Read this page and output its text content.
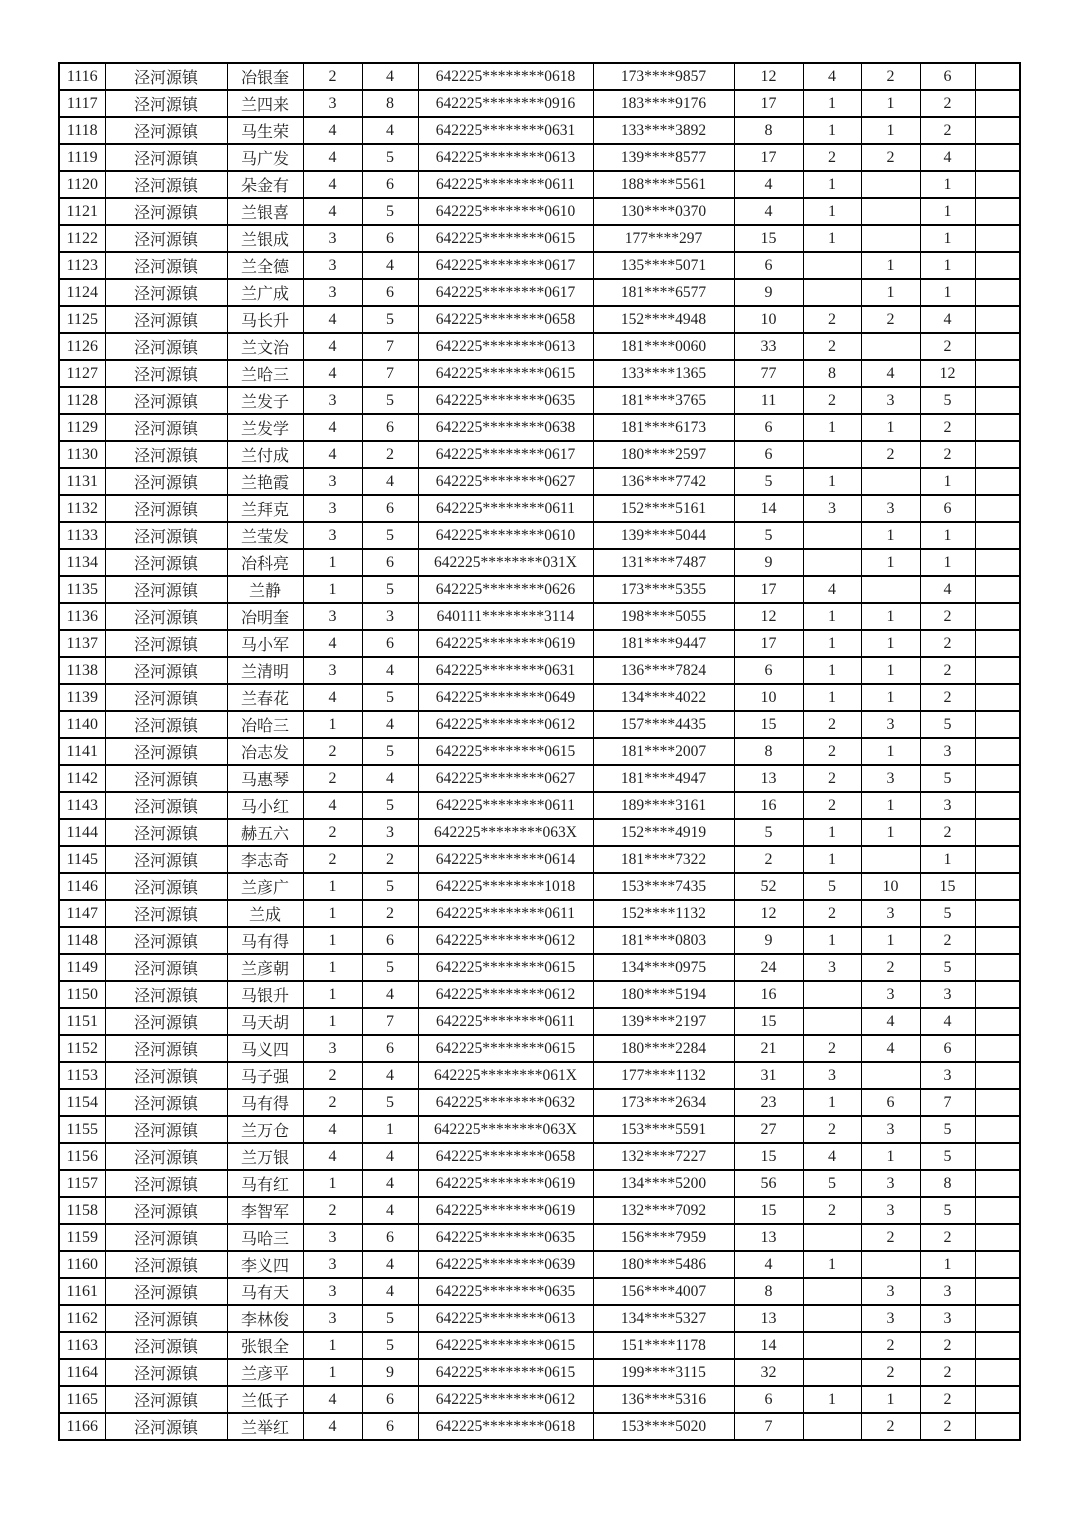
1116	泾河源镇	冶银奎	2	4	642225********0618	173****9857	12	4	2	6	
1117	泾河源镇	兰四来	3	8	642225********0916	183****9176	17	1	1	2	
1118	泾河源镇	马生荣	4	4	642225********0631	133****3892	8	1	1	2	
1119	泾河源镇	马广发	4	5	642225********0613	139****8577	17	2	2	4	
1120	泾河源镇	朵金有	4	6	642225********0611	188****5561	4	1		1	
1121	泾河源镇	兰银喜	4	5	642225********0610	130****0370	4	1		1	
1122	泾河源镇	兰银成	3	6	642225********0615	177****297	15	1		1	
1123	泾河源镇	兰全德	3	4	642225********0617	135****5071	6		1	1	
1124	泾河源镇	兰广成	3	6	642225********0617	181****6577	9		1	1	
1125	泾河源镇	马长升	4	5	642225********0658	152****4948	10	2	2	4	
1126	泾河源镇	兰文治	4	7	642225********0613	181****0060	33	2		2	
1127	泾河源镇	兰哈三	4	7	642225********0615	133****1365	77	8	4	12	
1128	泾河源镇	兰发子	3	5	642225********0635	181****3765	11	2	3	5	
1129	泾河源镇	兰发学	4	6	642225********0638	181****6173	6	1	1	2	
1130	泾河源镇	兰付成	4	2	642225********0617	180****2597	6		2	2	
1131	泾河源镇	兰艳霞	3	4	642225********0627	136****7742	5	1		1	
1132	泾河源镇	兰拜克	3	6	642225********0611	152****5161	14	3	3	6	
1133	泾河源镇	兰莹发	3	5	642225********0610	139****5044	5		1	1	
1134	泾河源镇	冶科亮	1	6	642225********031X	131****7487	9		1	1	
1135	泾河源镇	兰静	1	5	642225********0626	173****5355	17	4		4	
1136	泾河源镇	冶明奎	3	3	640111********3114	198****5055	12	1	1	2	
1137	泾河源镇	马小军	4	6	642225********0619	181****9447	17	1	1	2	
1138	泾河源镇	兰清明	3	4	642225********0631	136****7824	6	1	1	2	
1139	泾河源镇	兰春花	4	5	642225********0649	134****4022	10	1	1	2	
1140	泾河源镇	冶哈三	1	4	642225********0612	157****4435	15	2	3	5	
1141	泾河源镇	冶志发	2	5	642225********0615	181****2007	8	2	1	3	
1142	泾河源镇	马惠琴	2	4	642225********0627	181****4947	13	2	3	5	
1143	泾河源镇	马小红	4	5	642225********0611	189****3161	16	2	1	3	
1144	泾河源镇	赫五六	2	3	642225********063X	152****4919	5	1	1	2	
1145	泾河源镇	李志奇	2	2	642225********0614	181****7322	2	1		1	
1146	泾河源镇	兰彦广	1	5	642225********1018	153****7435	52	5	10	15	
1147	泾河源镇	兰成	1	2	642225********0611	152****1132	12	2	3	5	
1148	泾河源镇	马有得	1	6	642225********0612	181****0803	9	1	1	2	
1149	泾河源镇	兰彦朝	1	5	642225********0615	134****0975	24	3	2	5	
1150	泾河源镇	马银升	1	4	642225********0612	180****5194	16		3	3	
1151	泾河源镇	马天胡	1	7	642225********0611	139****2197	15		4	4	
1152	泾河源镇	马义四	3	6	642225********0615	180****2284	21	2	4	6	
1153	泾河源镇	马子强	2	4	642225********061X	177****1132	31	3		3	
1154	泾河源镇	马有得	2	5	642225********0632	173****2634	23	1	6	7	
1155	泾河源镇	兰万仓	4	1	642225********063X	153****5591	27	2	3	5	
1156	泾河源镇	兰万银	4	4	642225********0658	132****7227	15	4	1	5	
1157	泾河源镇	马有红	1	4	642225********0619	134****5200	56	5	3	8	
1158	泾河源镇	李智军	2	4	642225********0619	132****7092	15	2	3	5	
1159	泾河源镇	马哈三	3	6	642225********0635	156****7959	13		2	2	
1160	泾河源镇	李义四	3	4	642225********0639	180****5486	4	1		1	
1161	泾河源镇	马有天	3	4	642225********0635	156****4007	8		3	3	
1162	泾河源镇	李林俊	3	5	642225********0613	134****5327	13		3	3	
1163	泾河源镇	张银全	1	5	642225********0615	151****1178	14		2	2	
1164	泾河源镇	兰彦平	1	9	642225********0615	199****3115	32		2	2	
1165	泾河源镇	兰低子	4	6	642225********0612	136****5316	6	1	1	2	
1166	泾河源镇	兰举红	4	6	642225********0618	153****5020	7		2	2	
